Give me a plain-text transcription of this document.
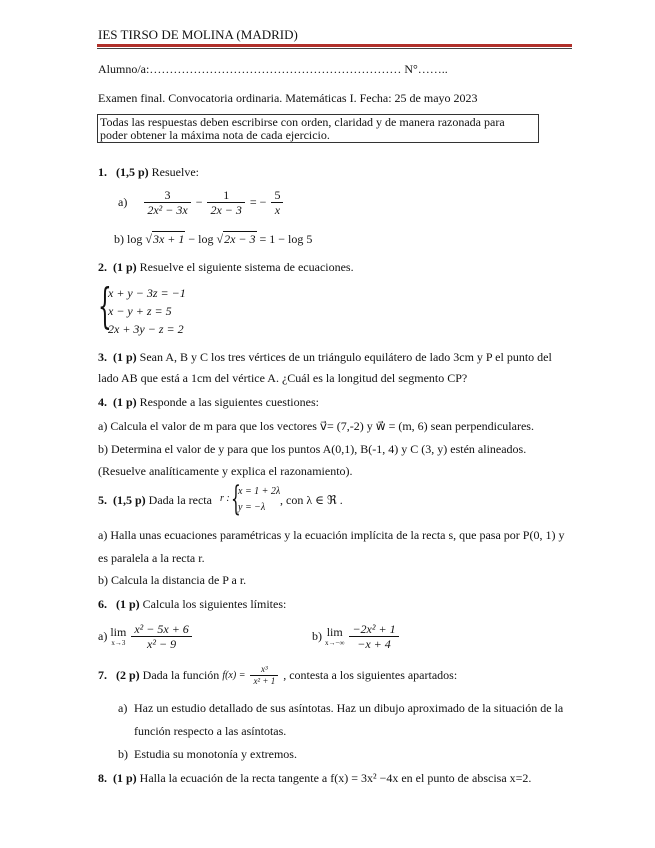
IES TIRSO DE MOLINA (MADRID)
Alumno/a:……………………………………………………… N°……..
Examen final. Convocatoria ordinaria. Matemáticas I. Fecha: 25 de mayo 2023
Todas las respuestas deben escribirse con orden, claridad y de manera razonada para
poder obtener la máxima nota de cada ejercicio.
1. (1,5 p) Resuelve:
$a) \frac{3}{\text{2x² − 3x}} - \frac{1}{2x - 3}$ = − $\frac{5}{x}$
b) log √3x + 1 − log √2x − 3 = 1 − log 5
2. (1 p) Resuelve el siguiente sistema de ecuaciones.
{
x + y − 3z = −1
x − y + z = 5
2x + 3y − z = 2
3. (1 p) Sean A, B y C los tres vértices de un triángulo equilátero de lado 3cm y P el punto del
lado AB que está a 1cm del vértice A. ¿Cuál es la longitud del segmento CP?
4. (1 p) Responde a las siguientes cuestiones:
a) Calcula el valor de m para que los vectores v⃗= (7,-2) y w⃗ = (m, 6) sean perpendiculares.
b) Determina el valor de y para que los puntos A(0,1), B(-1, 4) y C (3, y) estén alineados.
(Resuelve analíticamente y explica el razonamiento).
5. (1,5 p) Dada la recta r : {
x = 1 + 2λ
y = −λ
, con λ ∈ ℜ .
a) Halla unas ecuaciones paramétricas y la ecuación implícita de la recta s, que pasa por P(0, 1) y
es paralela a la recta r.
b) Calcula la distancia de P a r.
6. (1 p) Calcula los siguientes límites:
a) lim
x→3
$\frac{\text{x² − 5x + 6}}{\text{x² − 9}}$	b) lim
x→−∞
$\frac{\text{−2x² + 1}}{-x + 4}$
7. (2 p) Dada la función $f(x) = \frac{\text{x³}}{\text{x² + 1}}$ , contesta a los siguientes apartados:
a) Haz un estudio detallado de sus asíntotas. Haz un dibujo aproximado de la situación de la
función respecto a las asíntotas.
b) Estudia su monotonía y extremos.
8. (1 p) Halla la ecuación de la recta tangente a f(x) = 3x² −4x en el punto de abscisa x=2.
